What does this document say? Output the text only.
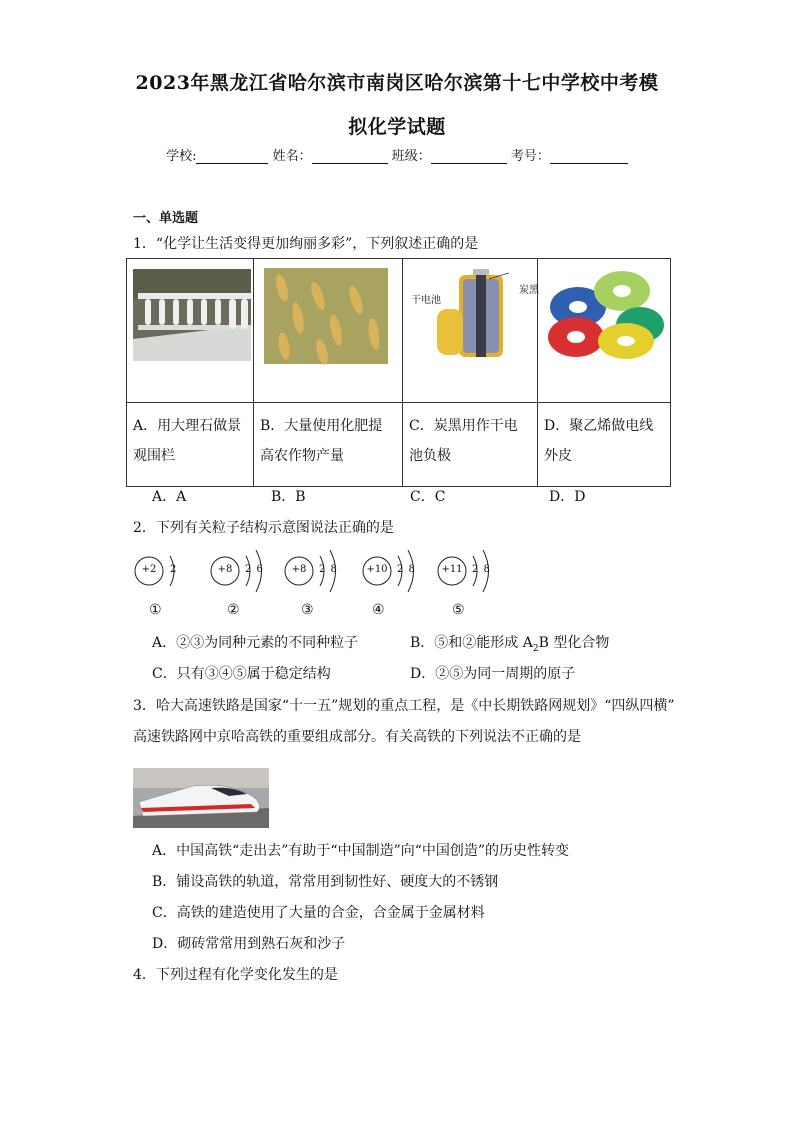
2023年黑龙江省哈尔滨市南岗区哈尔滨第十七中学校中考模
拟化学试题
学校:	姓名：	班级：	考号：
一、单选题
1．“化学让生活变得更加绚丽多彩”，下列叙述正确的是

干电池
炭黑

A．用大理石做景观围栏	B．大量使用化肥提高农作物产量	C．炭黑用作干电池负极	D．聚乙烯做电线外皮
A．A	B．B	C．C	D．D
2．下列有关粒子结构示意图说法正确的是
+2	2	+8	2 6	+8	2 8	+10 2 8	+11 2 8
①	②	③	④	⑤
A．②③为同种元素的不同种粒子	B．⑤和②能形成 $A_2B$ 型化合物
C．只有③④⑤属于稳定结构	D．②⑤为同一周期的原子
3．哈大高速铁路是国家“十一五”规划的重点工程，是《中长期铁路网规划》“四纵四横”
高速铁路网中京哈高铁的重要组成部分。有关高铁的下列说法不正确的是
A．中国高铁“走出去”有助于“中国制造”向“中国创造”的历史性转变
B．铺设高铁的轨道，常常用到韧性好、硬度大的不锈钢
C．高铁的建造使用了大量的合金，合金属于金属材料
D．砌砖常常用到熟石灰和沙子
4．下列过程有化学变化发生的是
